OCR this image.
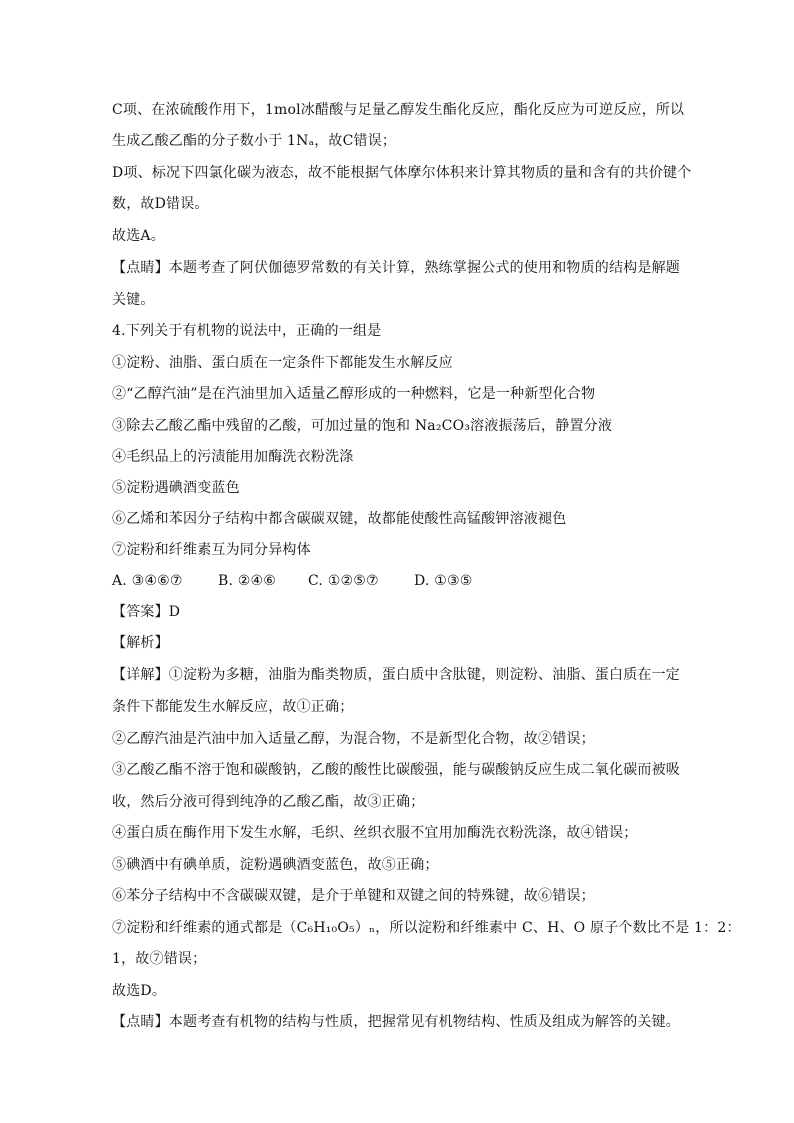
C项、在浓硫酸作用下，1mol冰醋酸与足量乙醇发生酯化反应，酯化反应为可逆反应，所以
生成乙酸乙酯的分子数小于 1Nₐ，故C错误；
D项、标况下四氯化碳为液态，故不能根据气体摩尔体积来计算其物质的量和含有的共价键个
数，故D错误。
故选A。
【点睛】本题考查了阿伏伽德罗常数的有关计算，熟练掌握公式的使用和物质的结构是解题
关键。
4.下列关于有机物的说法中，正确的一组是
①淀粉、油脂、蛋白质在一定条件下都能发生水解反应
②“乙醇汽油”是在汽油里加入适量乙醇形成的一种燃料，它是一种新型化合物
③除去乙酸乙酯中残留的乙酸，可加过量的饱和 Na₂CO₃溶液振荡后，静置分液
④毛织品上的污渍能用加酶洗衣粉洗涤
⑤淀粉遇碘酒变蓝色
⑥乙烯和苯因分子结构中都含碳碳双键，故都能使酸性高锰酸钾溶液褪色
⑦淀粉和纤维素互为同分异构体
A. ③④⑥⑦	B. ②④⑥ C. ①②⑤⑦	D. ①③⑤
【答案】D
【解析】
【详解】①淀粉为多糖，油脂为酯类物质，蛋白质中含肽键，则淀粉、油脂、蛋白质在一定
条件下都能发生水解反应，故①正确；
②乙醇汽油是汽油中加入适量乙醇，为混合物，不是新型化合物，故②错误；
③乙酸乙酯不溶于饱和碳酸钠，乙酸的酸性比碳酸强，能与碳酸钠反应生成二氧化碳而被吸
收，然后分液可得到纯净的乙酸乙酯，故③正确；
④蛋白质在酶作用下发生水解，毛织、丝织衣服不宜用加酶洗衣粉洗涤，故④错误；
⑤碘酒中有碘单质，淀粉遇碘酒变蓝色，故⑤正确；
⑥苯分子结构中不含碳碳双键，是介于单键和双键之间的特殊键，故⑥错误；
⑦淀粉和纤维素的通式都是（C₆H₁₀O₅）ₙ，所以淀粉和纤维素中 C、H、O 原子个数比不是 1：2：
1，故⑦错误；
故选D。
【点睛】本题考查有机物的结构与性质，把握常见有机物结构、性质及组成为解答的关键。
